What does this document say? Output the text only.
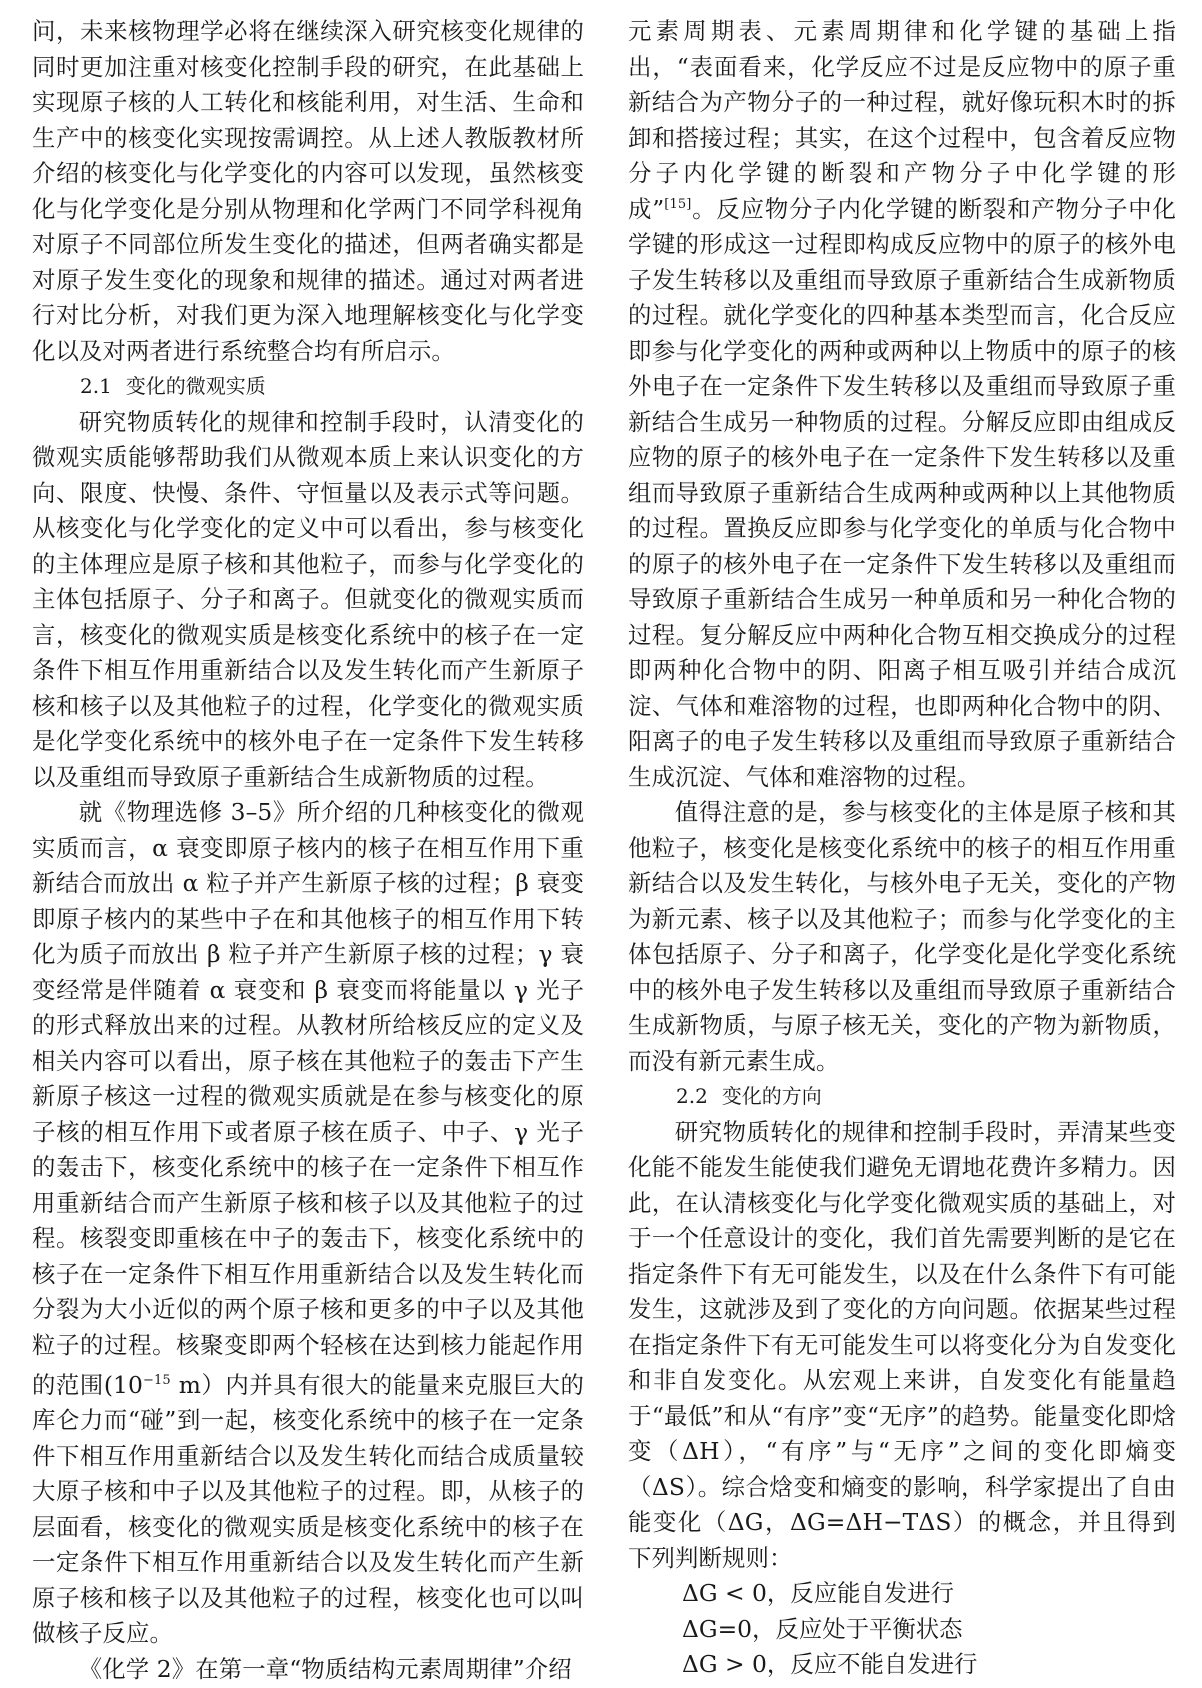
问，未来核物理学必将在继续深入研究核变化规律的同时更加注重对核变化控制手段的研究，在此基础上实现原子核的人工转化和核能利用，对生活、生命和生产中的核变化实现按需调控。从上述人教版教材所介绍的核变化与化学变化的内容可以发现，虽然核变化与化学变化是分别从物理和化学两门不同学科视角对原子不同部位所发生变化的描述，但两者确实都是对原子发生变化的现象和规律的描述。通过对两者进行对比分析，对我们更为深入地理解核变化与化学变化以及对两者进行系统整合均有所启示。

2.1 变化的微观实质

研究物质转化的规律和控制手段时，认清变化的微观实质能够帮助我们从微观本质上来认识变化的方向、限度、快慢、条件、守恒量以及表示式等问题。从核变化与化学变化的定义中可以看出，参与核变化的主体理应是原子核和其他粒子，而参与化学变化的主体包括原子、分子和离子。但就变化的微观实质而言，核变化的微观实质是核变化系统中的核子在一定条件下相互作用重新结合以及发生转化而产生新原子核和核子以及其他粒子的过程，化学变化的微观实质是化学变化系统中的核外电子在一定条件下发生转移以及重组而导致原子重新结合生成新物质的过程。

就《物理选修 3–5》所介绍的几种核变化的微观实质而言，α 衰变即原子核内的核子在相互作用下重新结合而放出 α 粒子并产生新原子核的过程；β 衰变即原子核内的某些中子在和其他核子的相互作用下转化为质子而放出 β 粒子并产生新原子核的过程；γ 衰变经常是伴随着 α 衰变和 β 衰变而将能量以 γ 光子的形式释放出来的过程。从教材所给核反应的定义及相关内容可以看出，原子核在其他粒子的轰击下产生新原子核这一过程的微观实质就是在参与核变化的原子核的相互作用下或者原子核在质子、中子、γ 光子的轰击下，核变化系统中的核子在一定条件下相互作用重新结合而产生新原子核和核子以及其他粒子的过程。核裂变即重核在中子的轰击下，核变化系统中的核子在一定条件下相互作用重新结合以及发生转化而分裂为大小近似的两个原子核和更多的中子以及其他粒子的过程。核聚变即两个轻核在达到核力能起作用的范围($10^{-15}$ m）内并具有很大的能量来克服巨大的库仑力而“碰”到一起，核变化系统中的核子在一定条件下相互作用重新结合以及发生转化而结合成质量较大原子核和中子以及其他粒子的过程。即，从核子的层面看，核变化的微观实质是核变化系统中的核子在一定条件下相互作用重新结合以及发生转化而产生新原子核和核子以及其他粒子的过程，核变化也可以叫做核子反应。

《化学 2》在第一章“物质结构元素周期律”介绍

元素周期表、元素周期律和化学键的基础上指出，“表面看来，化学反应不过是反应物中的原子重新结合为产物分子的一种过程，就好像玩积木时的拆卸和搭接过程；其实，在这个过程中，包含着反应物分子内化学键的断裂和产物分子中化学键的形成”[15]。反应物分子内化学键的断裂和产物分子中化学键的形成这一过程即构成反应物中的原子的核外电子发生转移以及重组而导致原子重新结合生成新物质的过程。就化学变化的四种基本类型而言，化合反应即参与化学变化的两种或两种以上物质中的原子的核外电子在一定条件下发生转移以及重组而导致原子重新结合生成另一种物质的过程。分解反应即由组成反应物的原子的核外电子在一定条件下发生转移以及重组而导致原子重新结合生成两种或两种以上其他物质的过程。置换反应即参与化学变化的单质与化合物中的原子的核外电子在一定条件下发生转移以及重组而导致原子重新结合生成另一种单质和另一种化合物的过程。复分解反应中两种化合物互相交换成分的过程即两种化合物中的阴、阳离子相互吸引并结合成沉淀、气体和难溶物的过程，也即两种化合物中的阴、阳离子的电子发生转移以及重组而导致原子重新结合生成沉淀、气体和难溶物的过程。

值得注意的是，参与核变化的主体是原子核和其他粒子，核变化是核变化系统中的核子的相互作用重新结合以及发生转化，与核外电子无关，变化的产物为新元素、核子以及其他粒子；而参与化学变化的主体包括原子、分子和离子，化学变化是化学变化系统中的核外电子发生转移以及重组而导致原子重新结合生成新物质，与原子核无关，变化的产物为新物质，而没有新元素生成。

2.2 变化的方向

研究物质转化的规律和控制手段时，弄清某些变化能不能发生能使我们避免无谓地花费许多精力。因此，在认清核变化与化学变化微观实质的基础上，对于一个任意设计的变化，我们首先需要判断的是它在指定条件下有无可能发生，以及在什么条件下有可能发生，这就涉及到了变化的方向问题。依据某些过程在指定条件下有无可能发生可以将变化分为自发变化和非自发变化。从宏观上来讲，自发变化有能量趋于“最低”和从“有序”变“无序”的趋势。能量变化即焓变（ΔH），“有序”与“无序”之间的变化即熵变（ΔS）。综合焓变和熵变的影响，科学家提出了自由能变化（ΔG，ΔG=ΔH−TΔS）的概念，并且得到下列判断规则：

ΔG < 0，反应能自发进行

ΔG=0，反应处于平衡状态

ΔG > 0，反应不能自发进行
